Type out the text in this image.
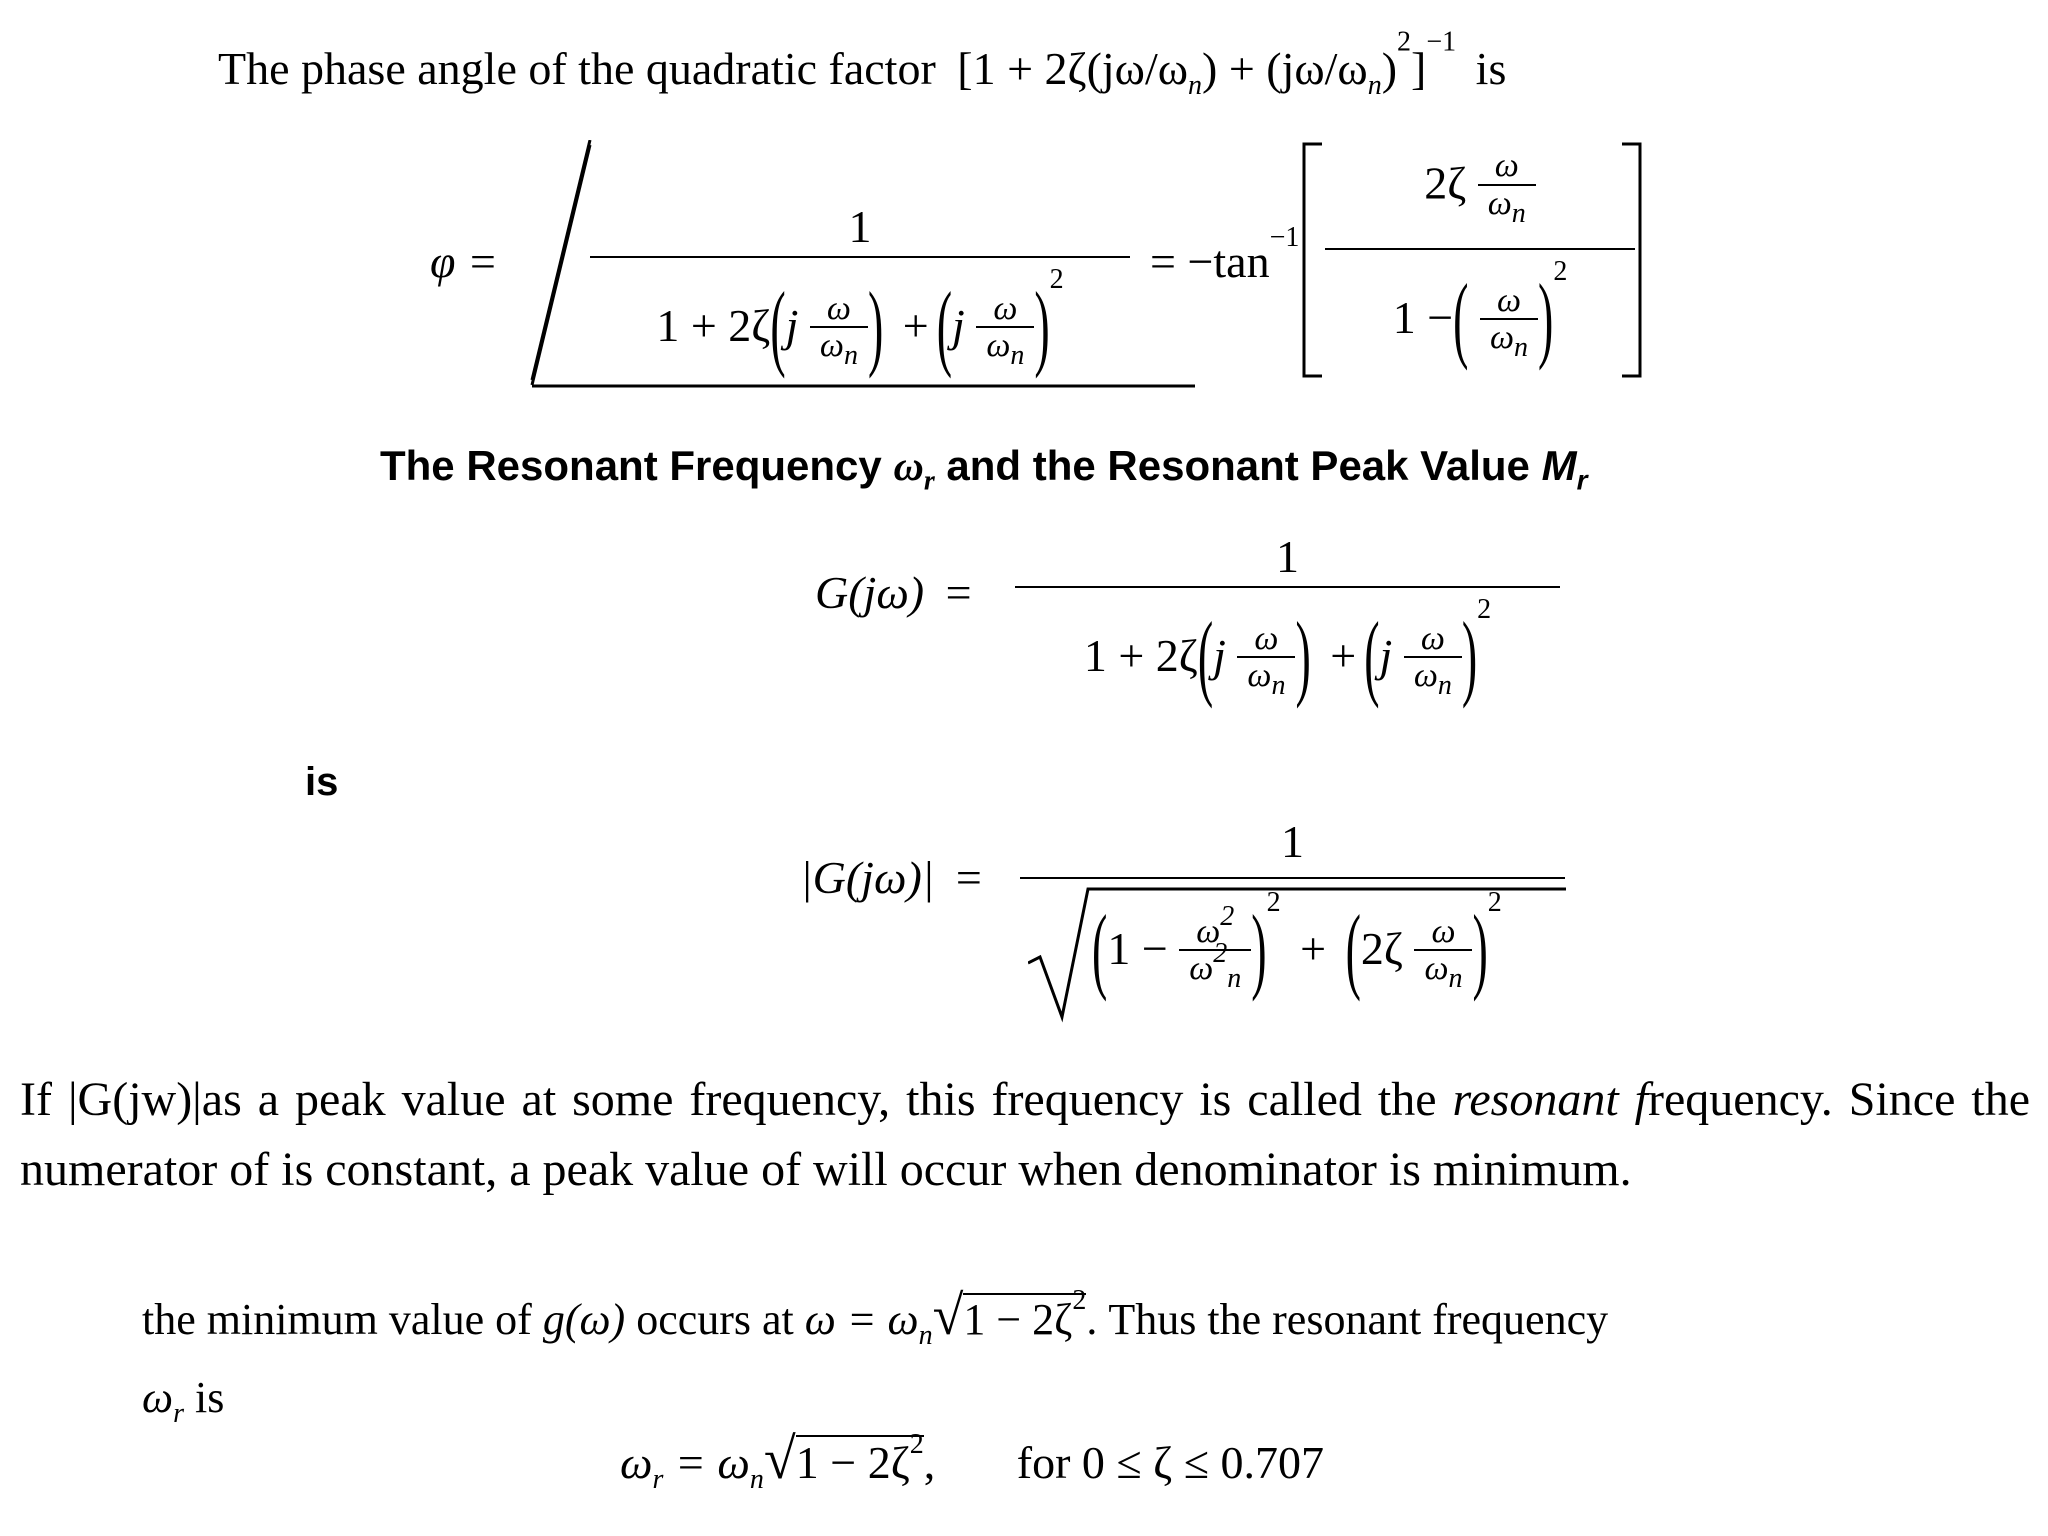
The phase angle of the quadratic factor $[1 + 2\zeta(j\omega/\omega_n) + (j\omega/\omega_n)^2]^{-1}$ is
φ =
1
$1 + 2\zeta(j \frac{\omega}{\omega_n}$ ) + $(j \frac{\omega}{\omega_n} )^2$	= $-\tan^{-1}$
$2\zeta \frac{\omega}{\omega_n}$
1 −( $\frac{\omega}{\omega_n} )^2$
The Resonant Frequency $\omega_r$ and the Resonant Peak Value $M_r$
G(jω) =
1
$1 + 2\zeta(j \frac{\omega}{\omega_n}$ ) + $(j \frac{\omega}{\omega_n} )^2$
is
|G(jω)| =
1
$(1 - \frac{\omega^2}{\omega^2_n} )^2 + (2\zeta \frac{\omega}{\omega_n} )^2$
If |G(jw)|as a peak value at some frequency, this frequency is called the resonant frequency. Since the numerator of is constant, a peak value of will occur when denominator is minimum.
the minimum value of g(ω) occurs at $\omega = \omega_n√1 - 2\zeta^2$. Thus the resonant frequency
$\omega_r$ is
$\omega_r = \omega_n√1 - 2\zeta^2$, for 0 ≤ ζ ≤ 0.707
